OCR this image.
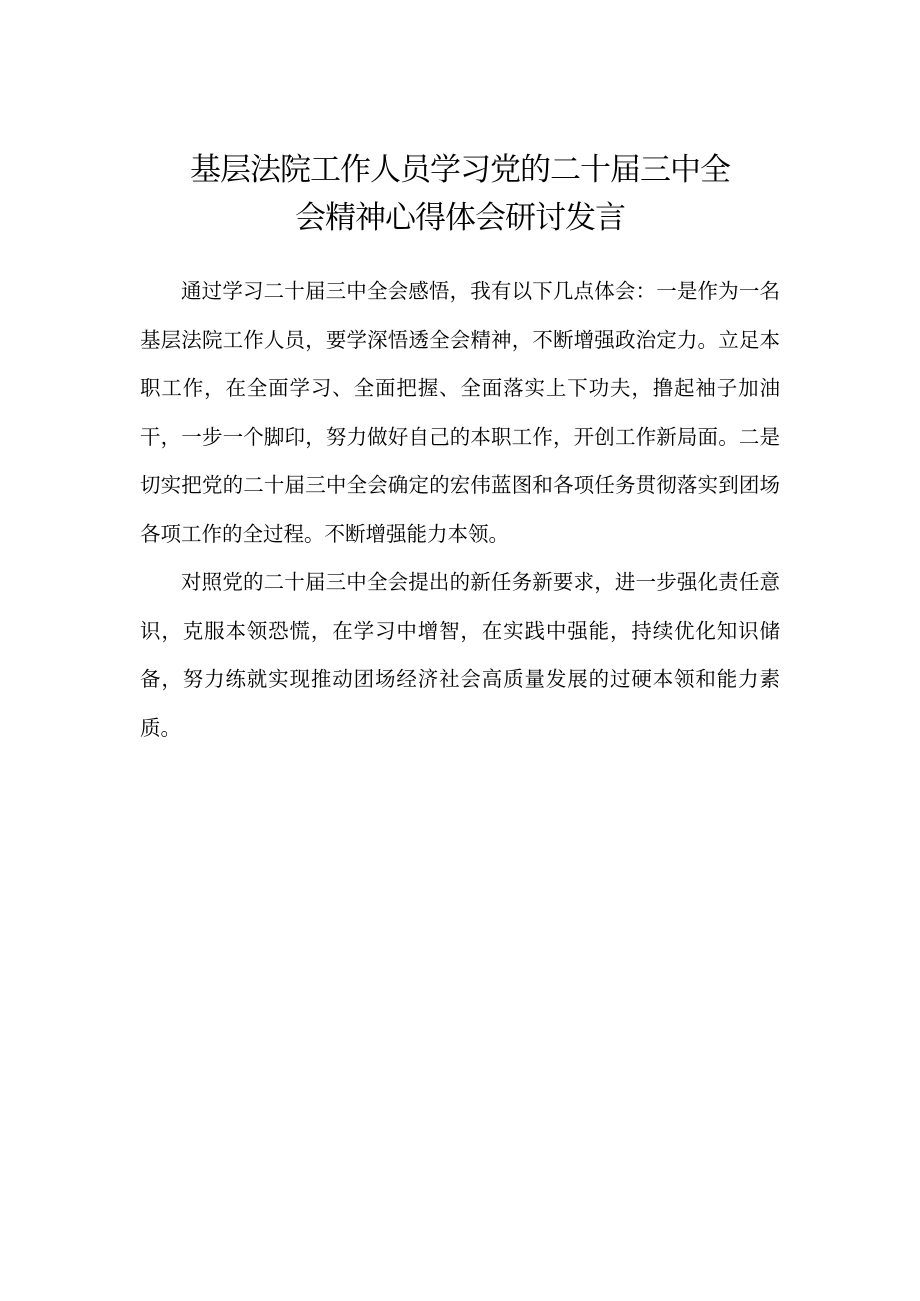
基层法院工作人员学习党的二十届三中全
会精神心得体会研讨发言

通过学习二十届三中全会感悟，我有以下几点体会：一是作为一名基层法院工作人员，要学深悟透全会精神，不断增强政治定力。立足本职工作，在全面学习、全面把握、全面落实上下功夫，撸起袖子加油干，一步一个脚印，努力做好自己的本职工作，开创工作新局面。二是切实把党的二十届三中全会确定的宏伟蓝图和各项任务贯彻落实到团场各项工作的全过程。不断增强能力本领。

对照党的二十届三中全会提出的新任务新要求，进一步强化责任意识，克服本领恐慌，在学习中增智，在实践中强能，持续优化知识储备，努力练就实现推动团场经济社会高质量发展的过硬本领和能力素质。
